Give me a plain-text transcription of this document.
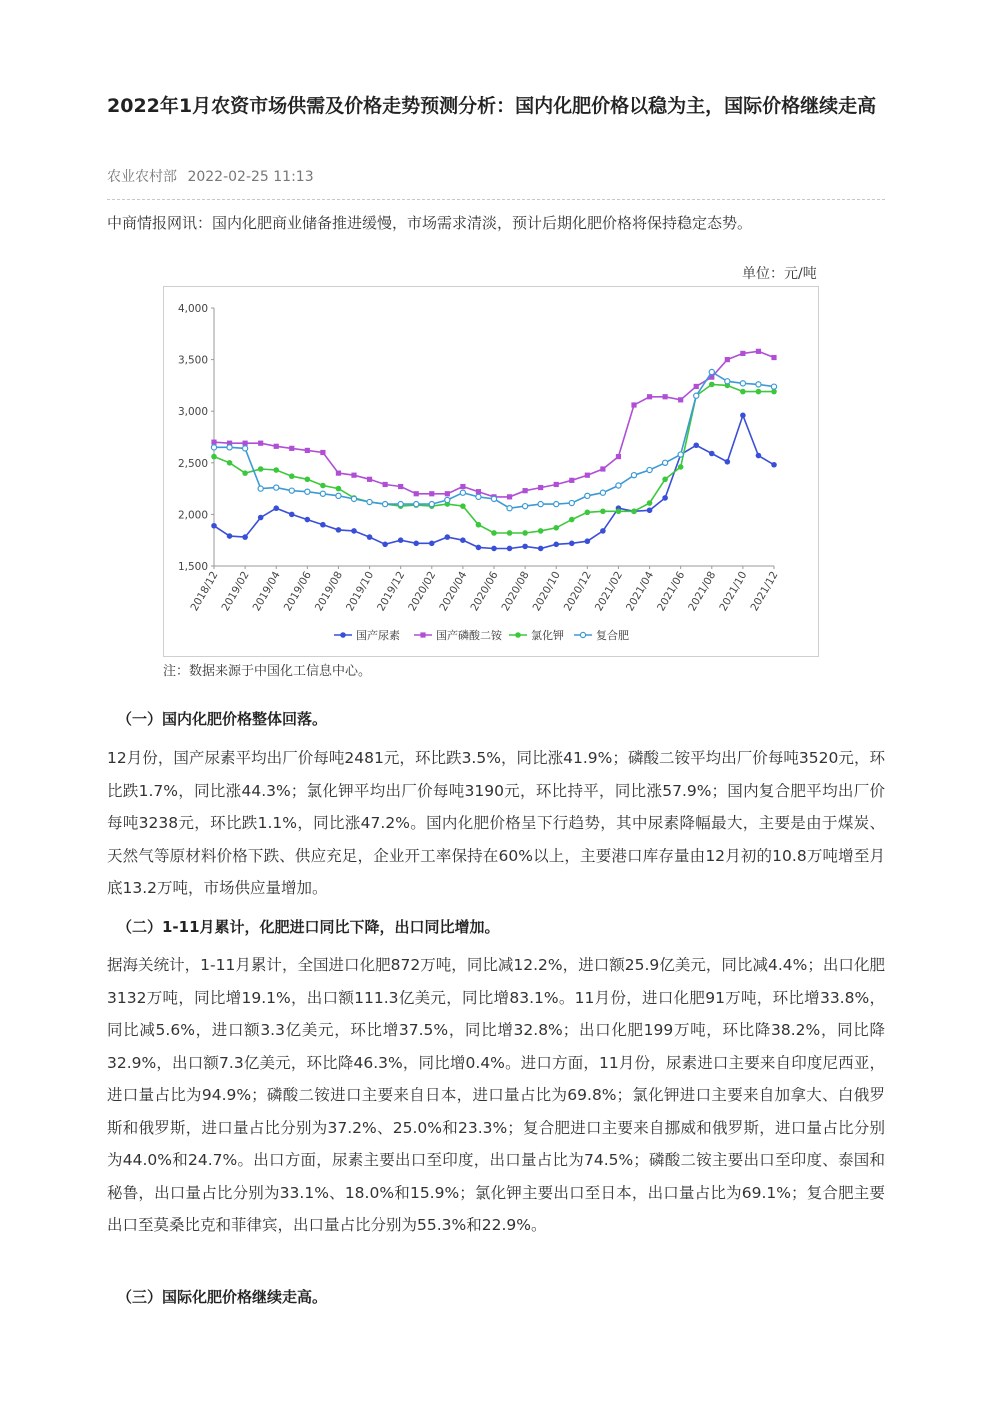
2022年1月农资市场供需及价格走势预测分析：国内化肥价格以稳为主，国际价格继续走高
农业农村部 2022-02-25 11:13
中商情报网讯：国内化肥商业储备推进缓慢，市场需求清淡，预计后期化肥价格将保持稳定态势。
单位：元/吨
1,500
2,000
2,500
3,000
3,500
4,000
2018/12
2019/02
2019/04
2019/06
2019/08
2019/10
2019/12
2020/02
2020/04
2020/06
2020/08
2020/10
2020/12
2021/02
2021/04
2021/06
2021/08
2021/10
2021/12
国产尿素	国产磷酸二铵	氯化钾	复合肥
注：数据来源于中国化工信息中心。
（一）国内化肥价格整体回落。

12月份，国产尿素平均出厂价每吨2481元，环比跌3.5%，同比涨41.9%；磷酸二铵平均出厂价每吨3520元，环比跌1.7%，同比涨44.3%；氯化钾平均出厂价每吨3190元，环比持平，同比涨57.9%；国内复合肥平均出厂价每吨3238元，环比跌1.1%，同比涨47.2%。国内化肥价格呈下行趋势，其中尿素降幅最大，主要是由于煤炭、天然气等原材料价格下跌、供应充足，企业开工率保持在60%以上，主要港口库存量由12月初的10.8万吨增至月底13.2万吨，市场供应量增加。

（二）1-11月累计，化肥进口同比下降，出口同比增加。

据海关统计，1-11月累计，全国进口化肥872万吨，同比减12.2%，进口额25.9亿美元，同比减4.4%；出口化肥3132万吨，同比增19.1%，出口额111.3亿美元，同比增83.1%。11月份，进口化肥91万吨，环比增33.8%，同比减5.6%，进口额3.3亿美元，环比增37.5%，同比增32.8%；出口化肥199万吨，环比降38.2%，同比降32.9%，出口额7.3亿美元，环比降46.3%，同比增0.4%。进口方面，11月份，尿素进口主要来自印度尼西亚，进口量占比为94.9%；磷酸二铵进口主要来自日本，进口量占比为69.8%；氯化钾进口主要来自加拿大、白俄罗斯和俄罗斯，进口量占比分别为37.2%、25.0%和23.3%；复合肥进口主要来自挪威和俄罗斯，进口量占比分别为44.0%和24.7%。出口方面，尿素主要出口至印度，出口量占比为74.5%；磷酸二铵主要出口至印度、泰国和秘鲁，出口量占比分别为33.1%、18.0%和15.9%；氯化钾主要出口至日本，出口量占比为69.1%；复合肥主要出口至莫桑比克和菲律宾，出口量占比分别为55.3%和22.9%。

（三）国际化肥价格继续走高。
